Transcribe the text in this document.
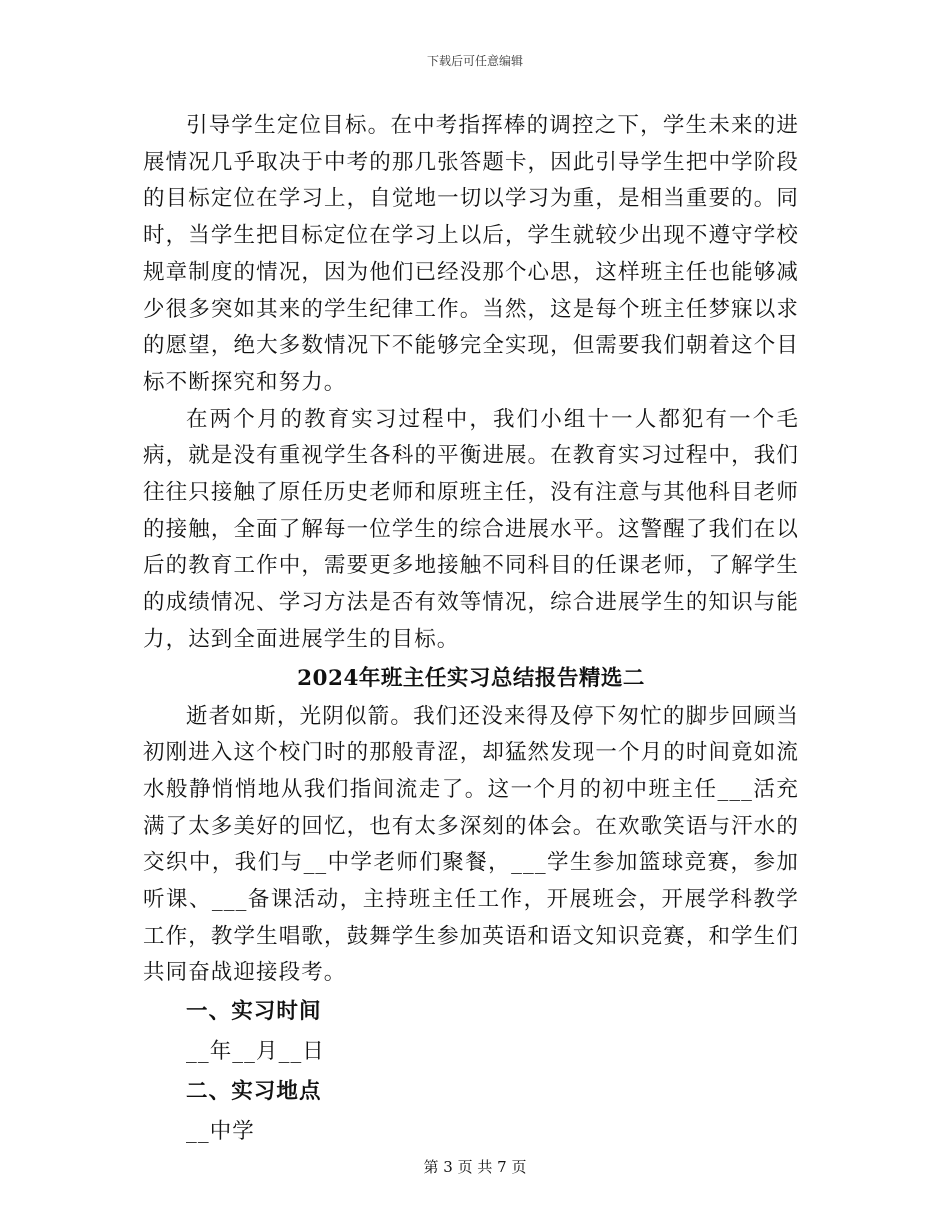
下载后可任意编辑

引导学生定位目标。在中考指挥棒的调控之下，学生未来的进展情况几乎取决于中考的那几张答题卡，因此引导学生把中学阶段的目标定位在学习上，自觉地一切以学习为重，是相当重要的。同时，当学生把目标定位在学习上以后，学生就较少出现不遵守学校规章制度的情况，因为他们已经没那个心思，这样班主任也能够减少很多突如其来的学生纪律工作。当然，这是每个班主任梦寐以求的愿望，绝大多数情况下不能够完全实现，但需要我们朝着这个目标不断探究和努力。

在两个月的教育实习过程中，我们小组十一人都犯有一个毛病，就是没有重视学生各科的平衡进展。在教育实习过程中，我们往往只接触了原任历史老师和原班主任，没有注意与其他科目老师的接触，全面了解每一位学生的综合进展水平。这警醒了我们在以后的教育工作中，需要更多地接触不同科目的任课老师，了解学生的成绩情况、学习方法是否有效等情况，综合进展学生的知识与能力，达到全面进展学生的目标。

2024年班主任实习总结报告精选二

逝者如斯，光阴似箭。我们还没来得及停下匆忙的脚步回顾当初刚进入这个校门时的那般青涩，却猛然发现一个月的时间竟如流水般静悄悄地从我们指间流走了。这一个月的初中班主任___活充满了太多美好的回忆，也有太多深刻的体会。在欢歌笑语与汗水的交织中，我们与__中学老师们聚餐，___学生参加篮球竞赛，参加听课、___备课活动，主持班主任工作，开展班会，开展学科教学工作，教学生唱歌，鼓舞学生参加英语和语文知识竞赛，和学生们共同奋战迎接段考。

一、实习时间

__年__月__日

二、实习地点

__中学

第 3 页 共 7 页
